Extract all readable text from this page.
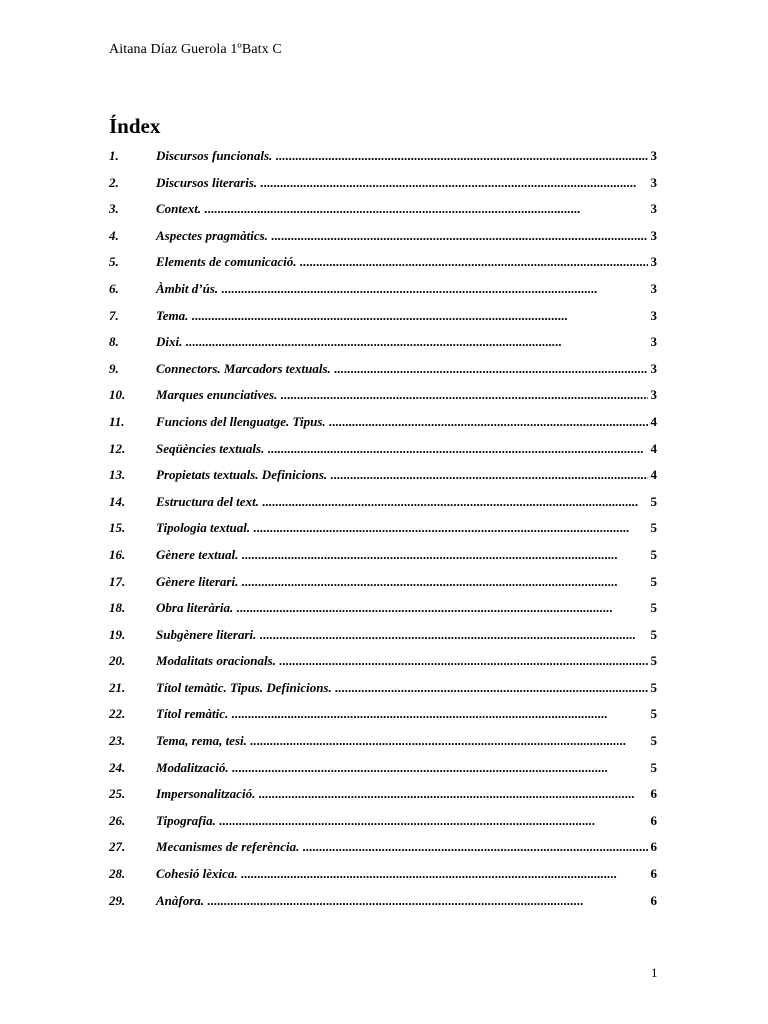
Aitana Díaz Guerola 1ºBatx C
Índex
1.	Discursos funcionals. . . .	3
2.	Discursos literaris. . . .	3
3.	Context. . . .	3
4.	Aspectes pragmàtics. . . .	3
5.	Elements de comunicació. . . .	3
6.	Àmbit d’ús. . . .	3
7.	Tema. . . .	3
8.	Dixi. . . .	3
9.	Connectors. Marcadors textuals. . . .	3
10.	Marques enunciatives. . . .	3
11.	Funcions del llenguatge. Tipus. . . .	4
12.	Seqüències textuals. . . .	4
13.	Propietats textuals. Definicions. . . .	4
14.	Estructura del text. . . .	5
15.	Tipologia textual. . . .	5
16.	Gènere textual. . . .	5
17.	Gènere literari. . . .	5
18.	Obra literària. . . .	5
19.	Subgènere literari. . . .	5
20.	Modalitats oracionals. . . .	5
21.	Títol temàtic. Tipus. Definicions. . . .	5
22.	Títol remàtic. . . .	5
23.	Tema, rema, tesi. . . .	5
24.	Modalització. . . .	5
25.	Impersonalització. . . .	6
26.	Tipografia. . . .	6
27.	Mecanismes de referència. . . .	6
28.	Cohesió lèxica. . . .	6
29.	Anàfora. . . .	6
1
